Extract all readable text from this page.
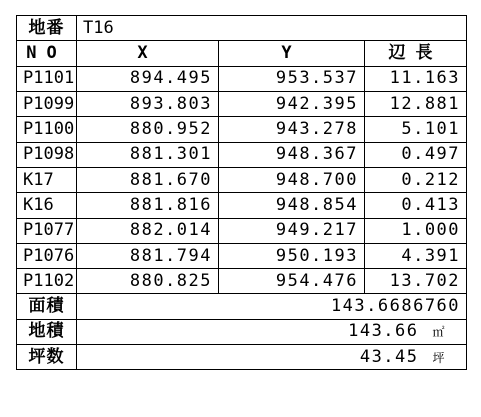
地番	T16		
NO	X	Y	辺長
P1101	894.495	953.537	11.163
P1099	893.803	942.395	12.881
P1100	880.952	943.278	5.101
P1098	881.301	948.367	0.497
K17	881.670	948.700	0.212
K16	881.816	948.854	0.413
P1077	882.014	949.217	1.000
P1076	881.794	950.193	4.391
P1102	880.825	954.476	13.702
面積	143.6686760		
地積	143.66 ㎡		
坪数	43.45 坪		
